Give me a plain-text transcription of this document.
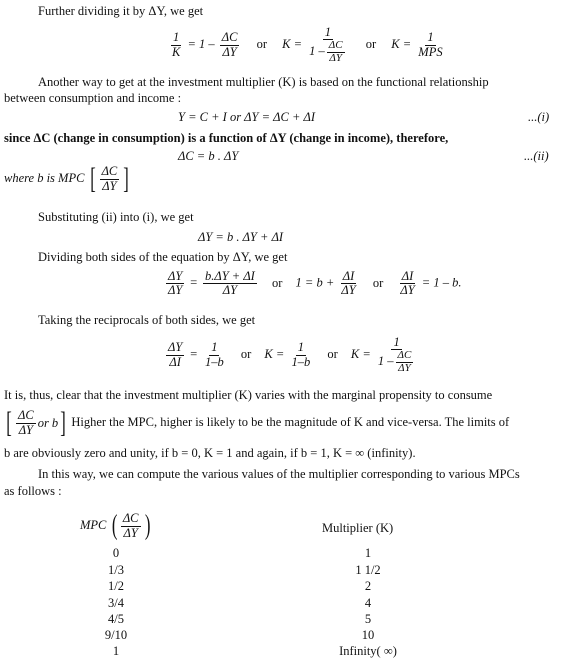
Further dividing it by ΔY, we get
$\frac{1}{K} = 1 - \frac{\Delta C}{\Delta Y}$ or $K = \frac{1}{1 - \frac{\Delta C}{\Delta Y}}$ or $K = \frac{1}{\text{MPS}}$
Another way to get at the investment multiplier (K) is based on the functional relationship
between consumption and income :
Y = C + I or ΔY = ΔC + ΔI	...(i)
since ΔC (change in consumption) is a function of ΔY (change in income), therefore,
ΔC = b . ΔY	...(ii)
where b is MPC [ $\frac{\Delta C}{\Delta Y}$ ]
Substituting (ii) into (i), we get
ΔY = b . ΔY + ΔI
Dividing both sides of the equation by ΔY, we get
$\frac{\Delta Y}{\Delta Y} = \frac{b.\Delta Y + \Delta I}{\Delta Y}$ or $1 = b + \frac{\Delta I}{\Delta Y}$ or $\frac{\Delta I}{\Delta Y} = 1 - b$.
Taking the reciprocals of both sides, we get
$\frac{\Delta Y}{\Delta I} = \frac{1}{1-b}$ or $K = \frac{1}{1-b}$ or $K = \frac{1}{1 - \frac{\Delta C}{\Delta Y}}$
It is, thus, clear that the investment multiplier (K) varies with the marginal propensity to consume
[ $\frac{\Delta C}{\Delta Y}$ or b ] Higher the MPC, higher is likely to be the magnitude of K and vice-versa. The limits of
b are obviously zero and unity, if b = 0, K = 1 and again, if b = 1, K = ∞ (infinity).
In this way, we can compute the various values of the multiplier corresponding to various MPCs
as follows :
MPC ( $\frac{\Delta C}{\Delta Y}$ )	Multiplier (K)
0	1
1/3	1 1/2
1/2	2
3/4	4
4/5	5
9/10	10
1	Infinity( ∞)
